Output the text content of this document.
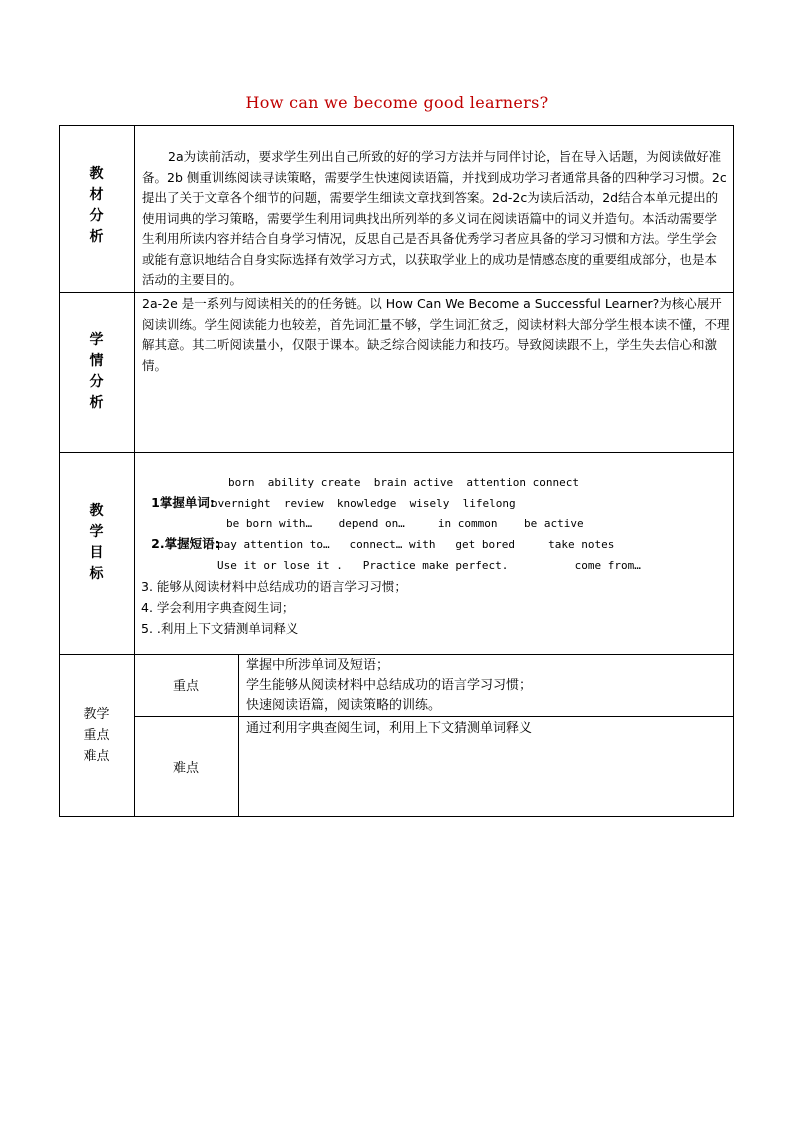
How can we become good learners?
教
材
分
析
2a为读前活动，要求学生列出自己所致的好的学习方法并与同伴讨论，旨在导入话题，为阅读做好准备。2b 侧重训练阅读寻读策略，需要学生快速阅读语篇，并找到成功学习者通常具备的四种学习习惯。2c提出了关于文章各个细节的问题，需要学生细读文章找到答案。2d-2c为读后活动，2d结合本单元提出的使用词典的学习策略，需要学生利用词典找出所列举的多义词在阅读语篇中的词义并造句。本活动需要学生利用所读内容并结合自身学习情况，反思自己是否具备优秀学习者应具备的学习习惯和方法。学生学会或能有意识地结合自身实际选择有效学习方式，以获取学业上的成功是情感态度的重要组成部分，也是本活动的主要目的。
学
情
分
析
2a-2e 是一系列与阅读相关的的任务链。以 How Can We Become a Successful Learner?为核心展开阅读训练。学生阅读能力也较差，首先词汇量不够，学生词汇贫乏，阅读材料大部分学生根本读不懂，不理解其意。其二听阅读量小，仅限于课本。缺乏综合阅读能力和技巧。导致阅读跟不上，学生失去信心和激情。
教
学
目
标

1掌握单词:

born  ability create  brain active  attention connect
overnight  review  knowledge  wisely  lifelong

2.掌握短语:

be born with…    depend on…     in common    be active
pay attention to…   connect… with   get bored     take notes
Use it or lose it .   Practice make perfect.          come from…
3. 能够从阅读材料中总结成功的语言学习习惯；
4. 学会利用字典查阅生词；
5. .利用上下文猜测单词释义
教学
重点
难点
重点
掌握中所涉单词及短语；
学生能够从阅读材料中总结成功的语言学习习惯；
快速阅读语篇，阅读策略的训练。
难点
通过利用字典查阅生词，利用上下文猜测单词释义
